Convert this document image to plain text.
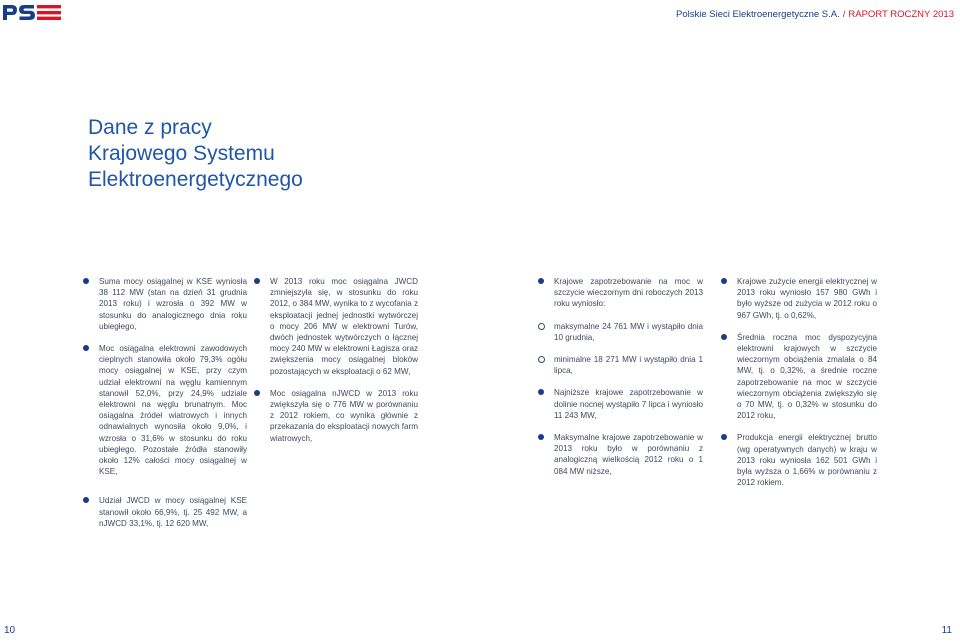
Polskie Sieci Elektroenergetyczne S.A. / RAPORT ROCZNY 2013
Dane z pracy
Krajowego Systemu
Elektroenergetycznego
Suma mocy osiągalnej w KSE wyniosła 38 112 MW (stan na dzień 31 grudnia 2013 roku) i wzrosła o 392 MW w stosunku do analogicznego dnia roku ubiegłego,
Moc osiągalna elektrowni zawodowych cieplnych stanowiła około 79,3% ogółu mocy osiągalnej w KSE, przy czym udział elektrowni na węglu kamiennym stanowił 52,0%, przy 24,9% udziale elektrowni na węglu brunatnym. Moc osiągalna źródeł wiatrowych i innych odnawialnych wynosiła około 9,0%, i wzrosła o 31,6% w stosunku do roku ubiegłego. Pozostałe źródła stanowiły około 12% całości mocy osiągalnej w KSE,
Udział JWCD w mocy osiągalnej KSE stanowił około 66,9%, tj. 25 492 MW, a nJWCD 33,1%, tj. 12 620 MW,
W 2013 roku moc osiągalna JWCD zmniejszyła się, w stosunku do roku 2012, o 384 MW, wynika to z wycofania z eksploatacji jednej jednostki wytwórczej o mocy 206 MW w elektrowni Turów, dwóch jednostek wytwórczych o łącznej mocy 240 MW w elektrowni Łagisza oraz zwiększenia mocy osiągalnej bloków pozostających w eksploatacji o 62 MW,
Moc osiągalna nJWCD w 2013 roku zwiększyła się o 776 MW w porównaniu z 2012 rokiem, co wynika głównie z przekazania do eksploatacji nowych farm wiatrowych,
Krajowe zapotrzebowanie na moc w szczycie wieczornym dni roboczych 2013 roku wyniosło:
maksymalne 24 761 MW i wystąpiło dnia 10 grudnia,
minimalne 18 271 MW i wystąpiło dnia 1 lipca,
Najniższe krajowe zapotrzebowanie w dolinie nocnej wystąpiło 7 lipca i wyniosło 11 243 MW,
Maksymalne krajowe zapotrzebowanie w 2013 roku było w porównaniu z analogiczną wielkością 2012 roku o 1 084 MW niższe,
Krajowe zużycie energii elektrycznej w 2013 roku wyniosło 157 980 GWh i było wyższe od zużycia w 2012 roku o 967 GWh, tj. o 0,62%,
Średnia roczna moc dyspozycyjna elektrowni krajowych w szczycie wieczornym obciążenia zmalała o 84 MW, tj. o 0,32%, a średnie roczne zapotrzebowanie na moc w szczycie wieczornym obciążenia zwiększyło się o 70 MW, tj. o 0,32% w stosunku do 2012 roku,
Produkcja energii elektrycznej brutto (wg operatywnych danych) w kraju w 2013 roku wyniosła 162 501 GWh i była wyższa o 1,66% w porównaniu z 2012 rokiem.
10	11
